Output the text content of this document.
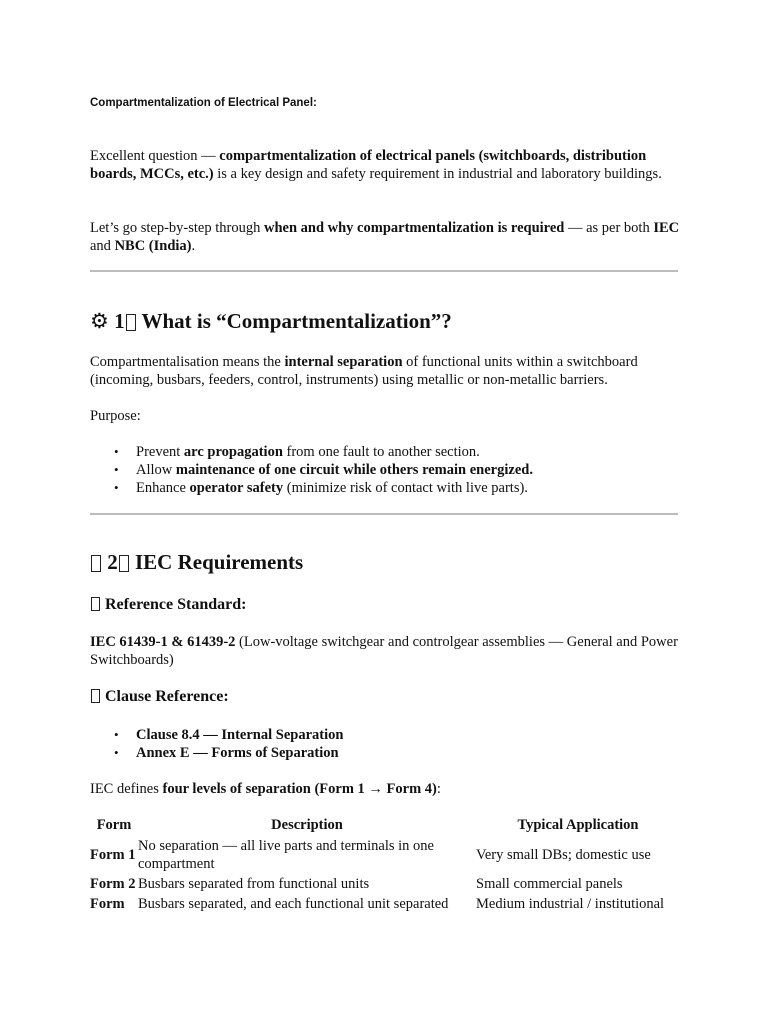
Compartmentalization of Electrical Panel:

Excellent question — compartmentalization of electrical panels (switchboards, distribution boards, MCCs, etc.) is a key design and safety requirement in industrial and laboratory buildings.

Let’s go step-by-step through when and why compartmentalization is required — as per both IEC and NBC (India).

⚙ 1 What is “Compartmentalization”?

Compartmentalisation means the internal separation of functional units within a switchboard (incoming, busbars, feeders, control, instruments) using metallic or non-metallic barriers.

Purpose:

• Prevent arc propagation from one fault to another section.
• Allow maintenance of one circuit while others remain energized.
• Enhance operator safety (minimize risk of contact with live parts).
2 IEC Requirements
Reference Standard:

IEC 61439-1 & 61439-2 (Low-voltage switchgear and controlgear assemblies — General and Power Switchboards)

Clause Reference:
• Clause 8.4 — Internal Separation
• Annex E — Forms of Separation

IEC defines four levels of separation (Form 1 → Form 4):

Form	Description	Typical Application
Form 1	No separation — all live parts and terminals in one compartment	Very small DBs; domestic use
Form 2	Busbars separated from functional units	Small commercial panels
Form	Busbars separated, and each functional unit separated	Medium industrial / institutional
